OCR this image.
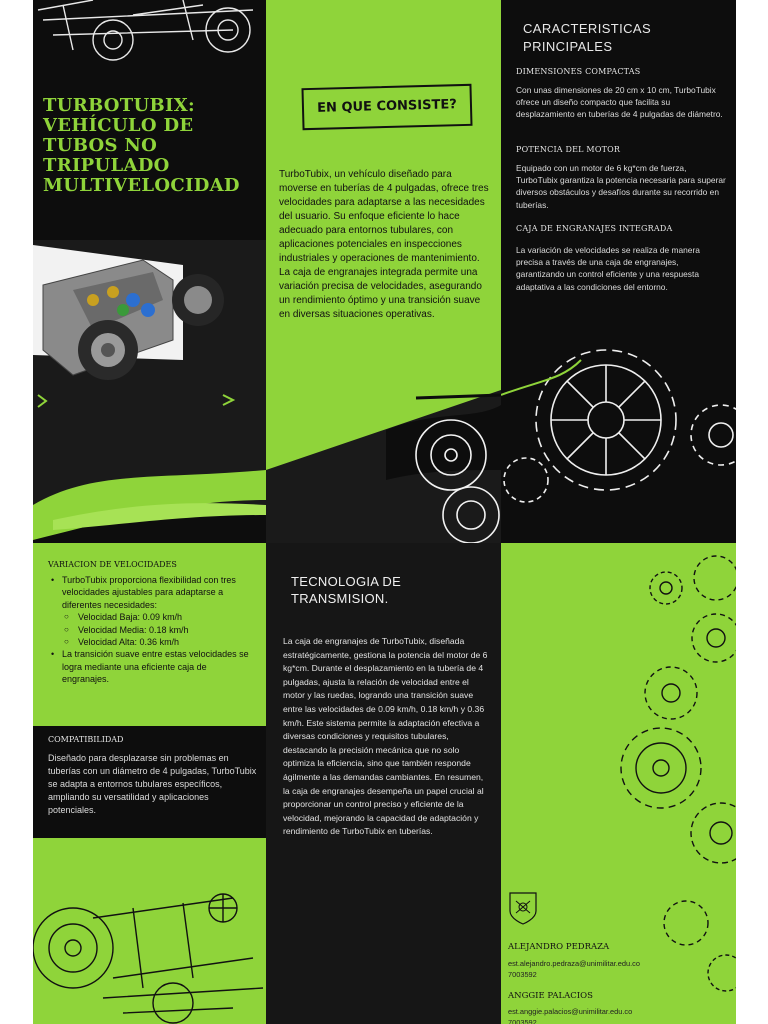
TURBOTUBIX: VEHÍCULO DE TUBOS NO TRIPULADO MULTIVELOCIDAD
EN QUE CONSISTE?
TurboTubix, un vehículo diseñado para moverse en tuberías de 4 pulgadas, ofrece tres velocidades para adaptarse a las necesidades del usuario. Su enfoque eficiente lo hace adecuado para entornos tubulares, con aplicaciones potenciales en inspecciones industriales y operaciones de mantenimiento. La caja de engranajes integrada permite una variación precisa de velocidades, asegurando un rendimiento óptimo y una transición suave en diversas situaciones operativas.
CARACTERISTICAS PRINCIPALES
DIMENSIONES COMPACTAS
Con unas dimensiones de 20 cm x 10 cm, TurboTubix ofrece un diseño compacto que facilita su desplazamiento en tuberías de 4 pulgadas de diámetro.
POTENCIA DEL MOTOR
Equipado con un motor de 6 kg*cm de fuerza, TurboTubix garantiza la potencia necesaria para superar diversos obstáculos y desafíos durante su recorrido en tuberías.
CAJA DE ENGRANAJES INTEGRADA
La variación de velocidades se realiza de manera precisa a través de una caja de engranajes, garantizando un control eficiente y una respuesta adaptativa a las condiciones del entorno.
VARIACION DE VELOCIDADES
• TurboTubix proporciona flexibilidad con tres velocidades ajustables para adaptarse a diferentes necesidades:
○ Velocidad Baja: 0.09 km/h
○ Velocidad Media: 0.18 km/h
○ Velocidad Alta: 0.36 km/h
• La transición suave entre estas velocidades se logra mediante una eficiente caja de engranajes.
COMPATIBILIDAD
Diseñado para desplazarse sin problemas en tuberías con un diámetro de 4 pulgadas, TurboTubix se adapta a entornos tubulares específicos, ampliando su versatilidad y aplicaciones potenciales.
TECNOLOGIA DE TRANSMISION.
La caja de engranajes de TurboTubix, diseñada estratégicamente, gestiona la potencia del motor de 6 kg*cm. Durante el desplazamiento en la tubería de 4 pulgadas, ajusta la relación de velocidad entre el motor y las ruedas, logrando una transición suave entre las velocidades de 0.09 km/h, 0.18 km/h y 0.36 km/h. Este sistema permite la adaptación efectiva a diversas condiciones y requisitos tubulares, destacando la precisión mecánica que no solo optimiza la eficiencia, sino que también responde ágilmente a las demandas cambiantes. En resumen, la caja de engranajes desempeña un papel crucial al proporcionar un control preciso y eficiente de la velocidad, mejorando la capacidad de adaptación y rendimiento de TurboTubix en tuberías.
ALEJANDRO PEDRAZA
est.alejandro.pedraza@unimilitar.edu.co
7003592
ANGGIE PALACIOS
est.anggie.palacios@unimilitar.edu.co
7003592
